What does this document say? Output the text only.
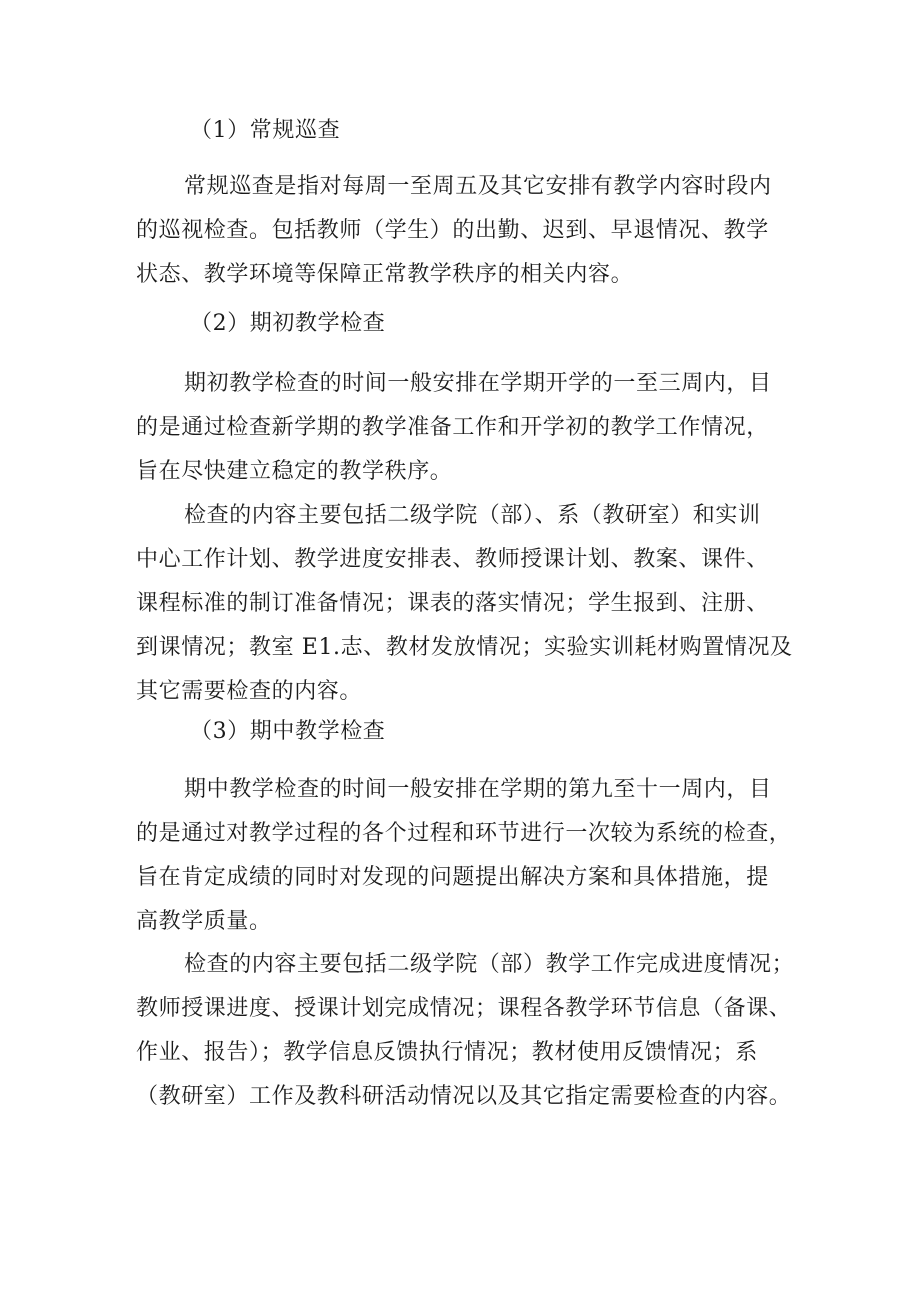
（1）常规巡查

常规巡查是指对每周一至周五及其它安排有教学内容时段内
的巡视检查。包括教师（学生）的出勤、迟到、早退情况、教学
状态、教学环境等保障正常教学秩序的相关内容。

（2）期初教学检查

期初教学检查的时间一般安排在学期开学的一至三周内，目
的是通过检查新学期的教学准备工作和开学初的教学工作情况，
旨在尽快建立稳定的教学秩序。

检查的内容主要包括二级学院（部）、系（教研室）和实训
中心工作计划、教学进度安排表、教师授课计划、教案、课件、
课程标准的制订准备情况；课表的落实情况；学生报到、注册、
到课情况；教室 E1.志、教材发放情况；实验实训耗材购置情况及
其它需要检查的内容。

（3）期中教学检查

期中教学检查的时间一般安排在学期的第九至十一周内，目
的是通过对教学过程的各个过程和环节进行一次较为系统的检查，
旨在肯定成绩的同时对发现的问题提出解决方案和具体措施，提
高教学质量。

检查的内容主要包括二级学院（部）教学工作完成进度情况；
教师授课进度、授课计划完成情况；课程各教学环节信息（备课、
作业、报告）；教学信息反馈执行情况；教材使用反馈情况；系
（教研室）工作及教科研活动情况以及其它指定需要检查的内容。
